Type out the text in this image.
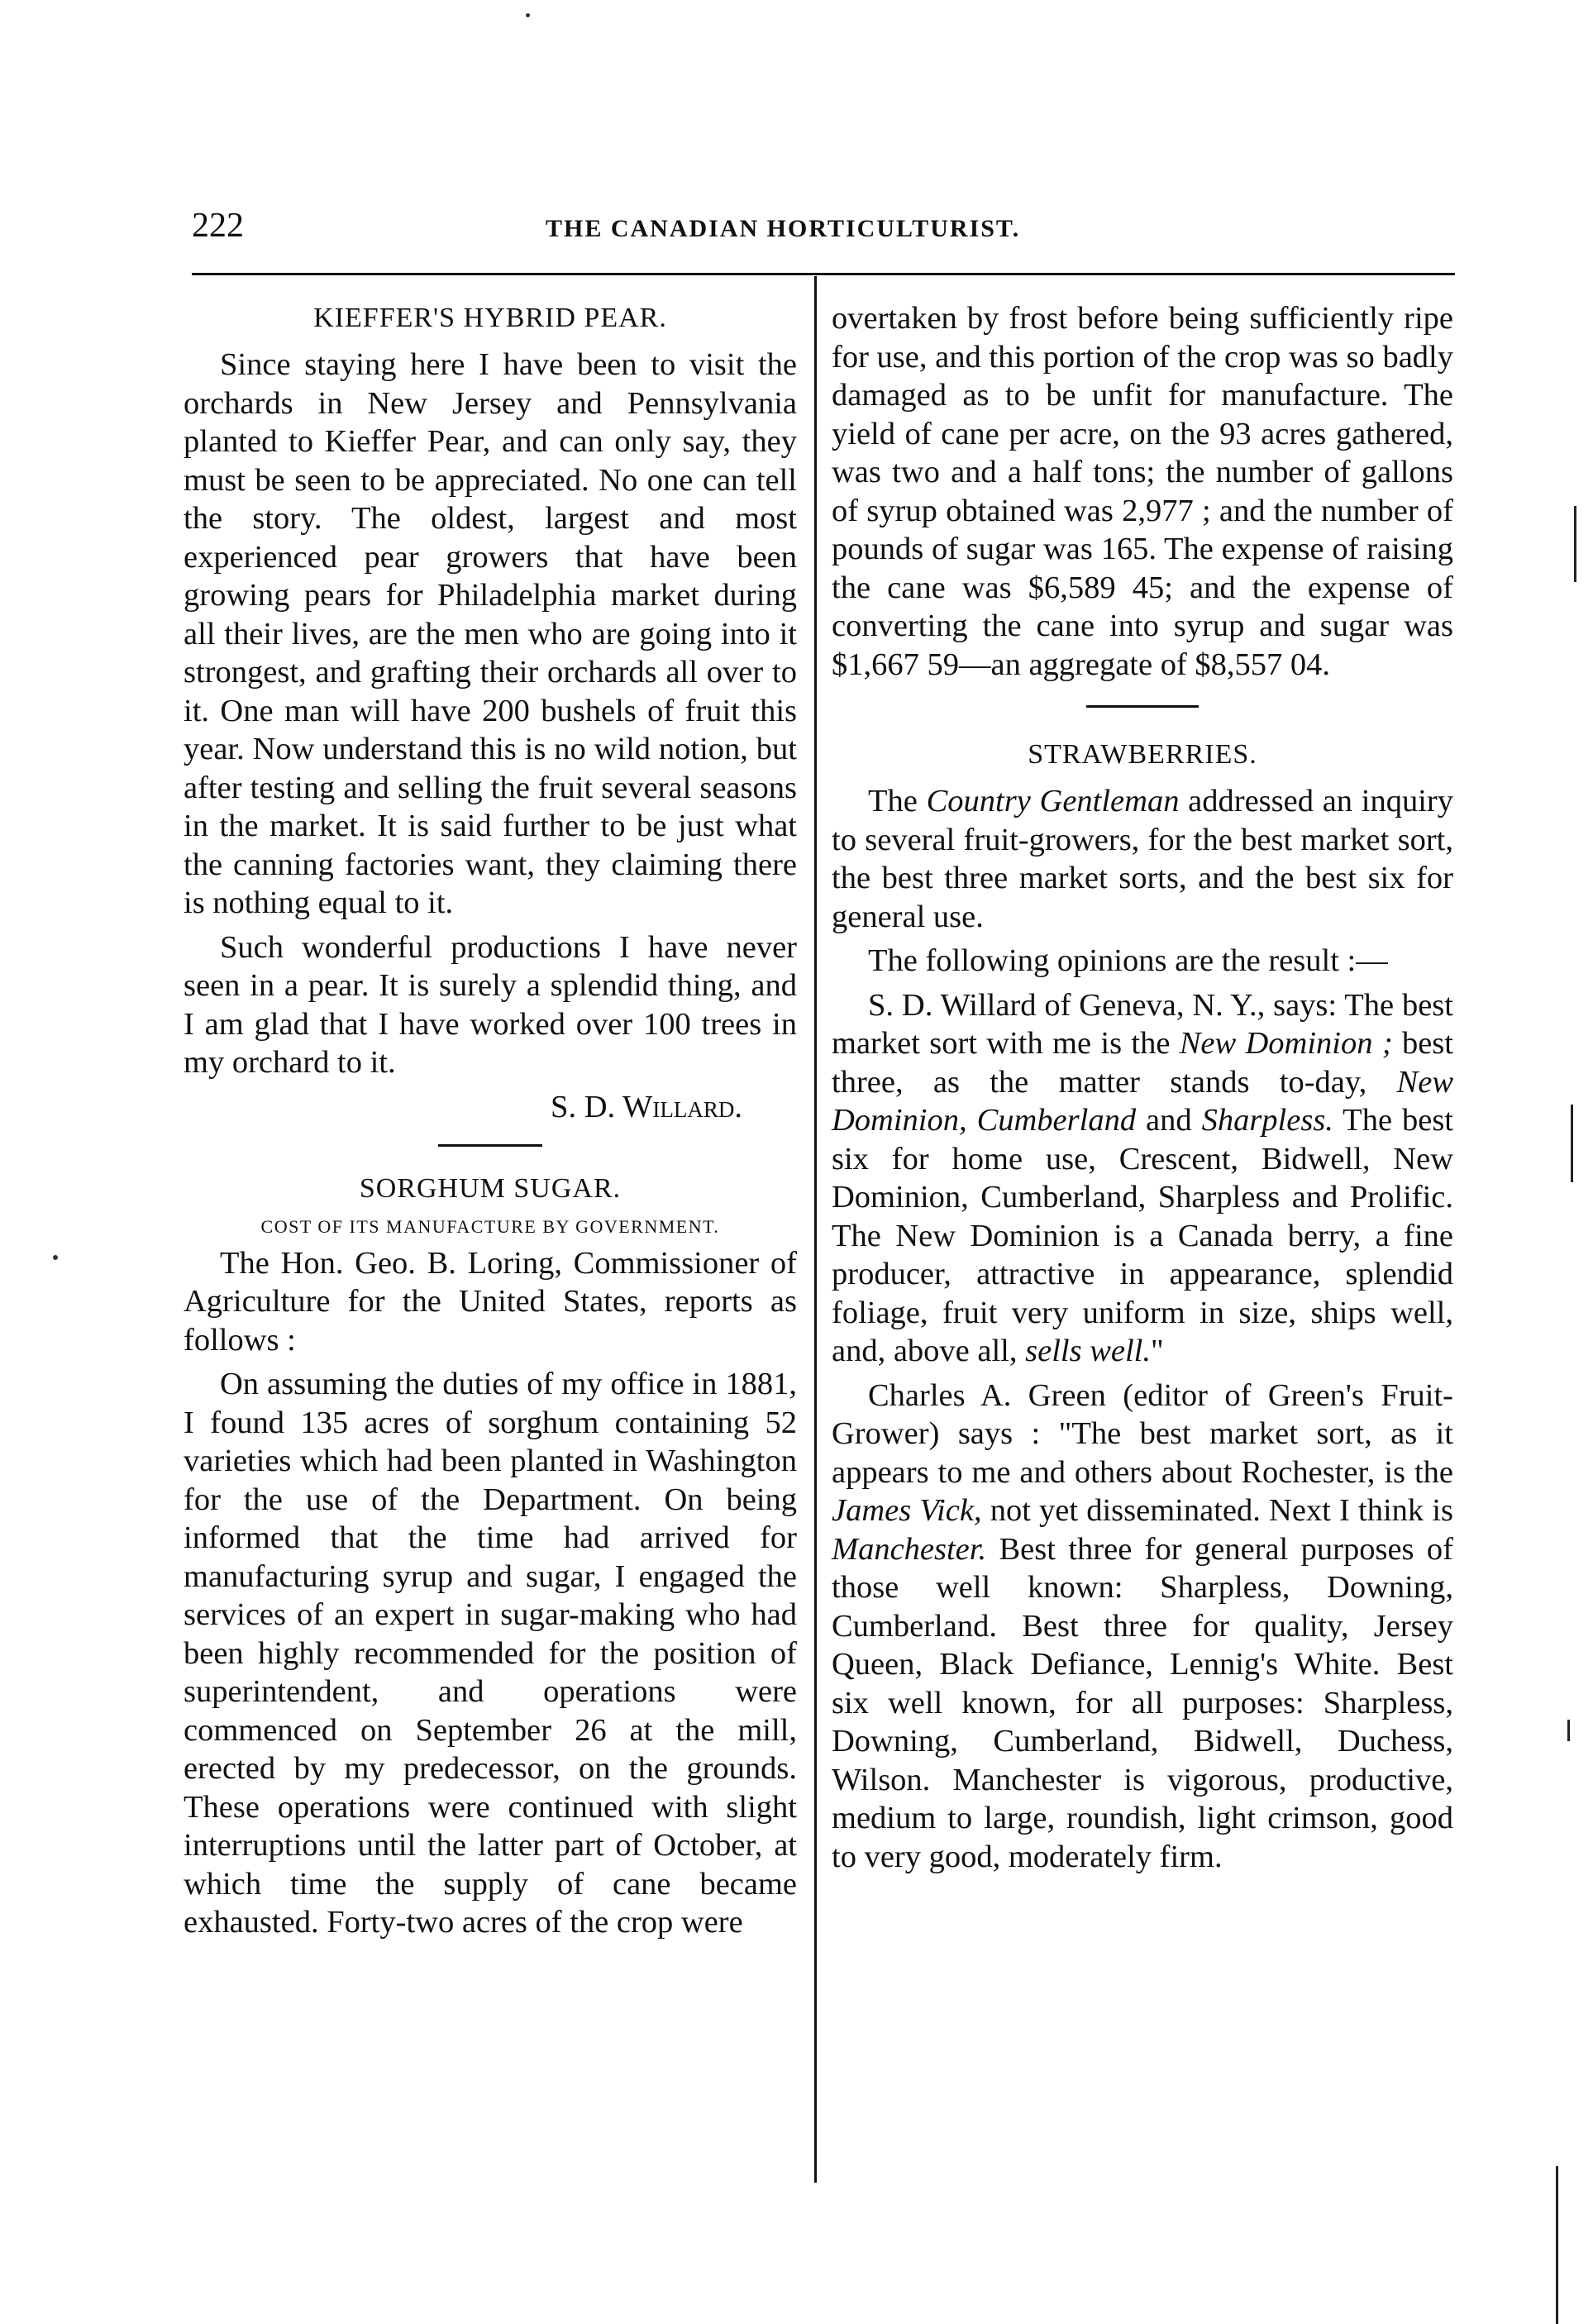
222	THE CANADIAN HORTICULTURIST.
KIEFFER'S HYBRID PEAR.

Since staying here I have been to visit the orchards in New Jersey and Pennsylvania planted to Kieffer Pear, and can only say, they must be seen to be appreciated. No one can tell the story. The oldest, largest and most experienced pear growers that have been growing pears for Philadelphia market during all their lives, are the men who are going into it strongest, and grafting their orchards all over to it. One man will have 200 bushels of fruit this year. Now understand this is no wild notion, but after testing and selling the fruit several seasons in the market. It is said further to be just what the canning factories want, they claiming there is nothing equal to it.

Such wonderful productions I have never seen in a pear. It is surely a splendid thing, and I am glad that I have worked over 100 trees in my orchard to it.

S. D. Willard.
SORGHUM SUGAR.
COST OF ITS MANUFACTURE BY GOVERNMENT.

The Hon. Geo. B. Loring, Commissioner of Agriculture for the United States, reports as follows :

On assuming the duties of my office in 1881, I found 135 acres of sorghum containing 52 varieties which had been planted in Washington for the use of the Department. On being informed that the time had arrived for manufacturing syrup and sugar, I engaged the services of an expert in sugar-making who had been highly recommended for the position of superintendent, and operations were commenced on September 26 at the mill, erected by my predecessor, on the grounds. These operations were continued with slight interruptions until the latter part of October, at which time the supply of cane became exhausted. Forty-two acres of the crop were

overtaken by frost before being sufficiently ripe for use, and this portion of the crop was so badly damaged as to be unfit for manufacture. The yield of cane per acre, on the 93 acres gathered, was two and a half tons; the number of gallons of syrup obtained was 2,977 ; and the number of pounds of sugar was 165. The expense of raising the cane was $6,589 45; and the expense of converting the cane into syrup and sugar was $1,667 59—an aggregate of $8,557 04.

STRAWBERRIES.

The Country Gentleman addressed an inquiry to several fruit-growers, for the best market sort, the best three market sorts, and the best six for general use.

The following opinions are the result :—

S. D. Willard of Geneva, N. Y., says: The best market sort with me is the New Dominion ; best three, as the matter stands to-day, New Dominion, Cumberland and Sharpless. The best six for home use, Crescent, Bidwell, New Dominion, Cumberland, Sharpless and Prolific. The New Dominion is a Canada berry, a fine producer, attractive in appearance, splendid foliage, fruit very uniform in size, ships well, and, above all, sells well."

Charles A. Green (editor of Green's Fruit-Grower) says : "The best market sort, as it appears to me and others about Rochester, is the James Vick, not yet disseminated. Next I think is Manchester. Best three for general purposes of those well known: Sharpless, Downing, Cumberland. Best three for quality, Jersey Queen, Black Defiance, Lennig's White. Best six well known, for all purposes: Sharpless, Downing, Cumberland, Bidwell, Duchess, Wilson. Manchester is vigorous, productive, medium to large, roundish, light crimson, good to very good, moderately firm.
